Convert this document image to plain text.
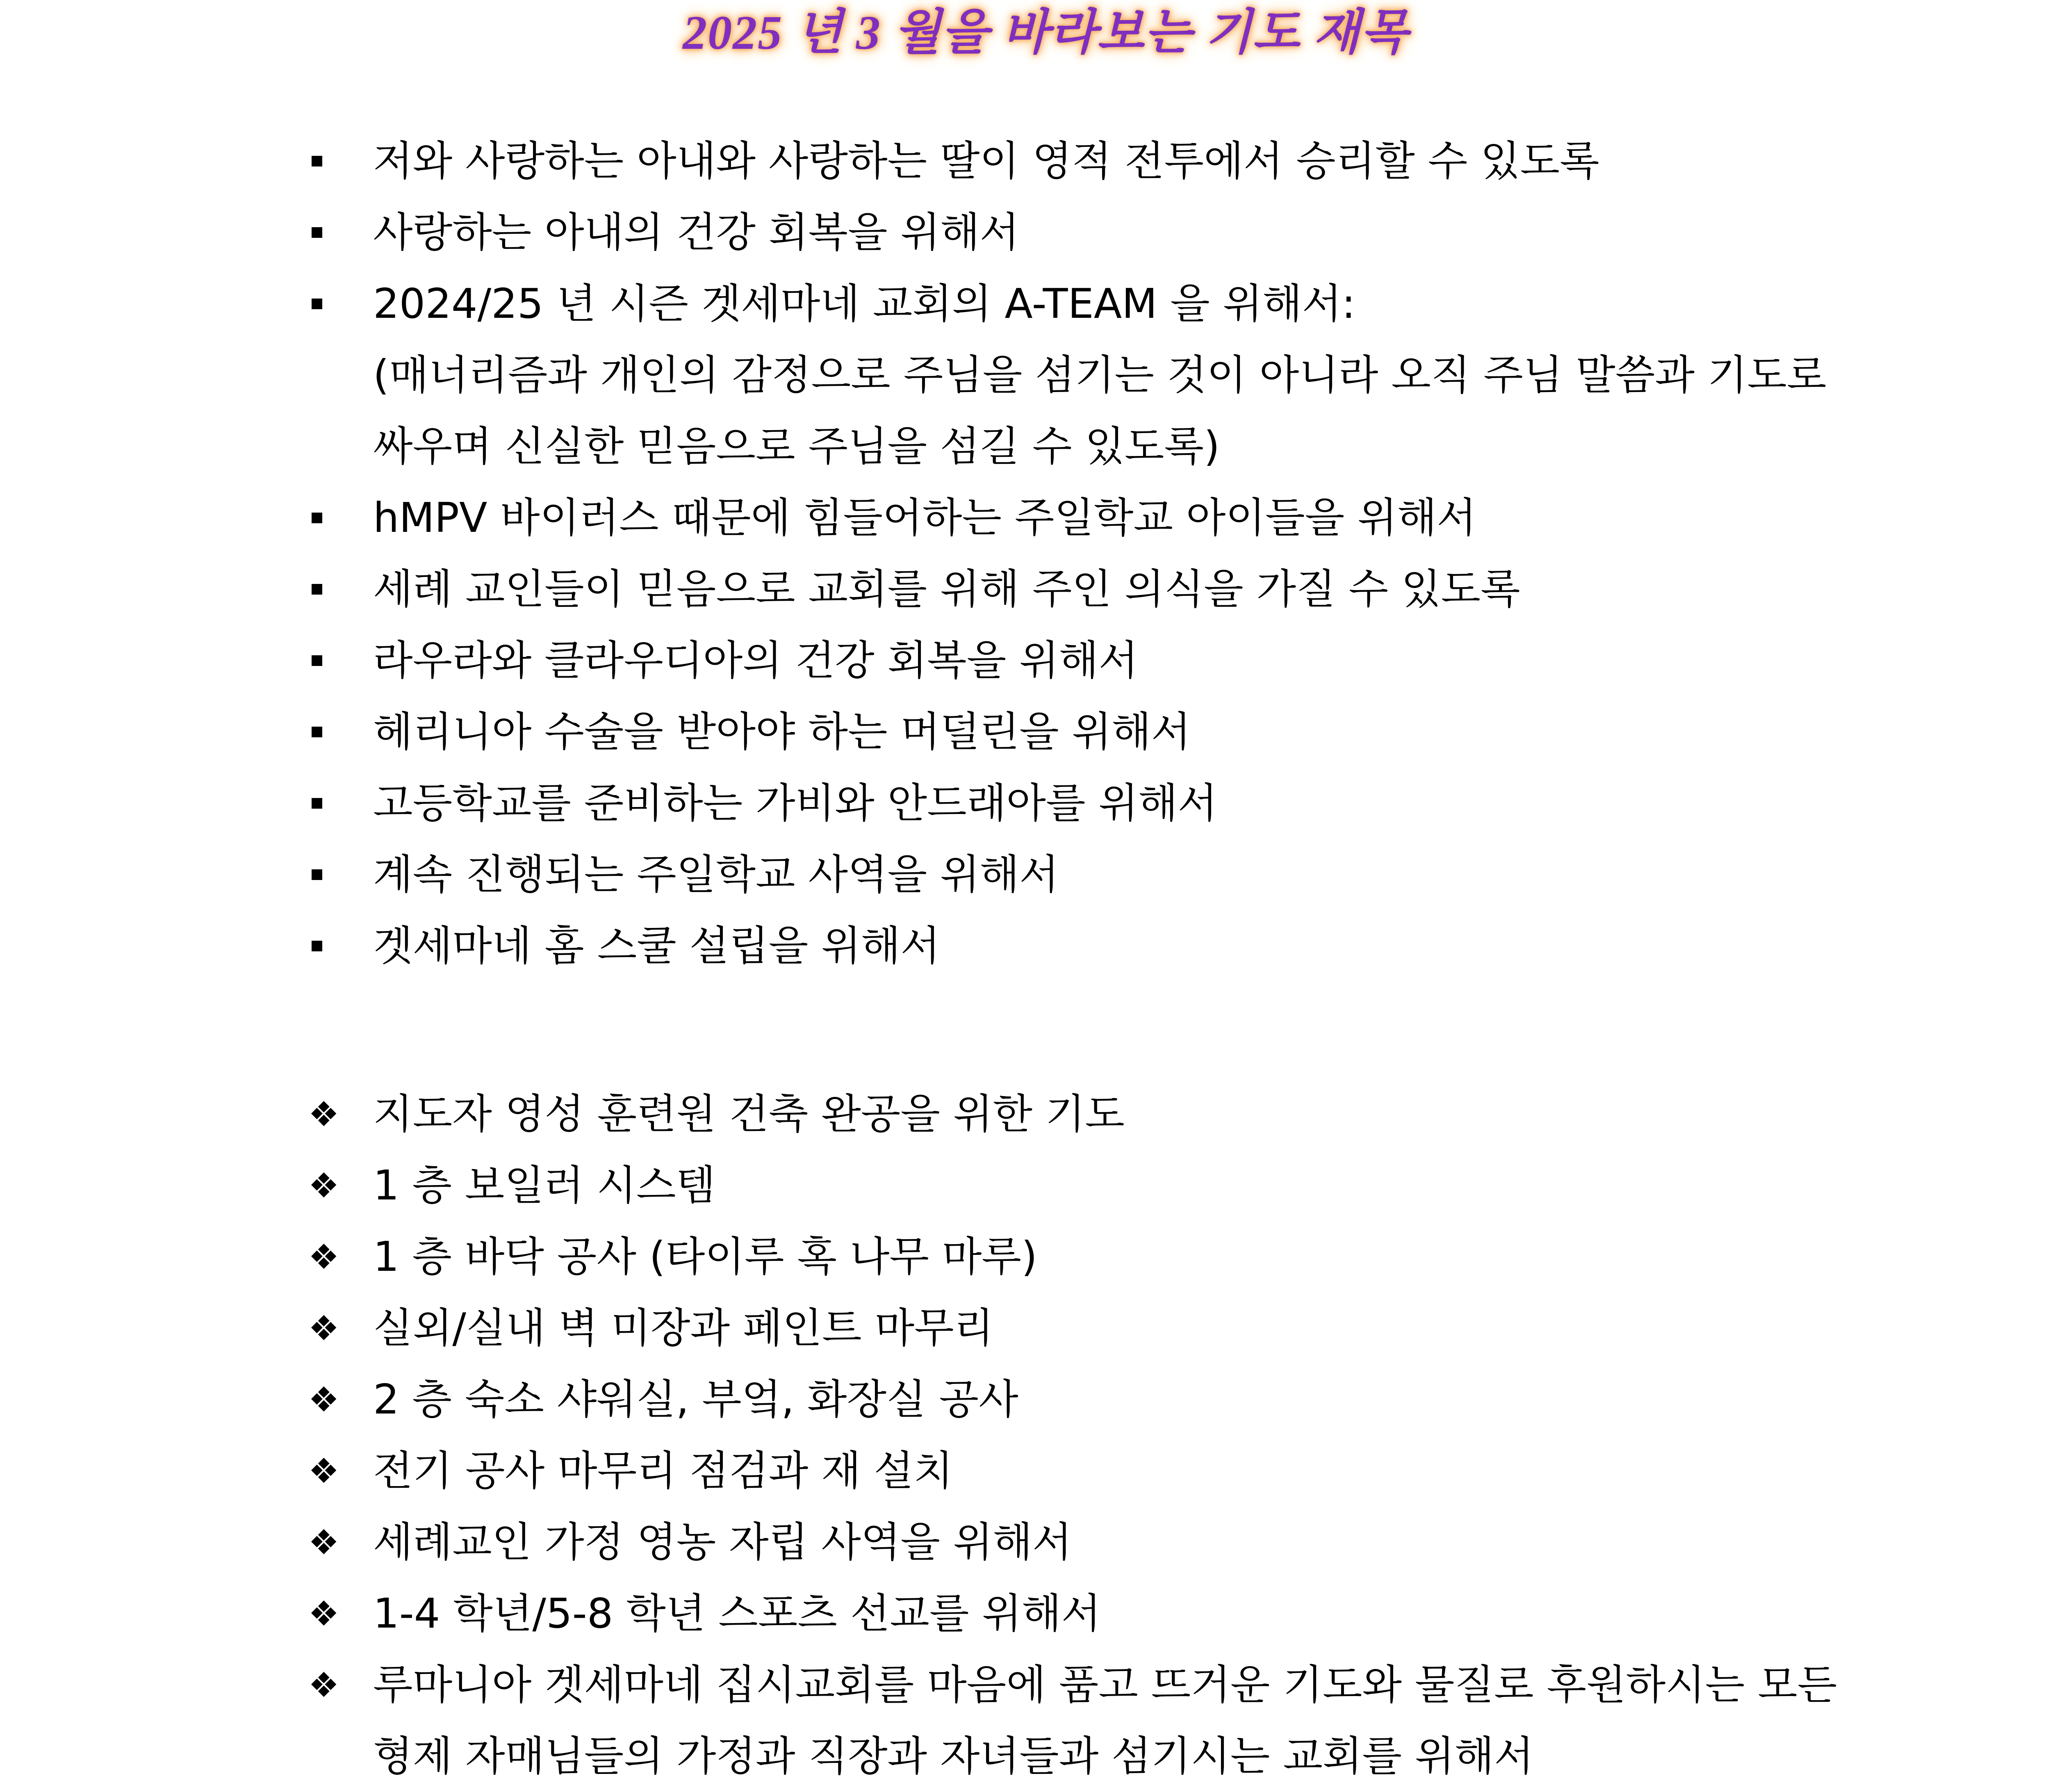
2025 년 3 월을 바라보는 기도 재목
저와 사랑하는 아내와 사랑하는 딸이 영적 전투에서 승리할 수 있도록
사랑하는 아내의 건강 회복을 위해서
2024/25 년 시즌 겟세마네 교회의 A-TEAM 을 위해서:
(매너리즘과 개인의 감정으로 주님을 섬기는 것이 아니라 오직 주님 말씀과 기도로
싸우며 신실한 믿음으로 주님을 섬길 수 있도록)
hMPV 바이러스 때문에 힘들어하는 주일학교 아이들을 위해서
세례 교인들이 믿음으로 교회를 위해 주인 의식을 가질 수 있도록
라우라와 클라우디아의 건강 회복을 위해서
헤리니아 수술을 받아야 하는 머덜린을 위해서
고등학교를 준비하는 가비와 안드래아를 위해서
계속 진행되는 주일학교 사역을 위해서
겟세마네 홈 스쿨 설립을 위해서
❖ 지도자 영성 훈련원 건축 완공을 위한 기도
❖ 1 층 보일러 시스템
❖ 1 층 바닥 공사 (타이루 혹 나무 마루)
❖ 실외/실내 벽 미장과 페인트 마무리
❖ 2 층 숙소 샤워실, 부엌, 화장실 공사
❖ 전기 공사 마무리 점검과 재 설치
❖ 세례교인 가정 영농 자립 사역을 위해서
❖ 1-4 학년/5-8 학년 스포츠 선교를 위해서
❖ 루마니아 겟세마네 집시교회를 마음에 품고 뜨거운 기도와 물질로 후원하시는 모든
형제 자매님들의 가정과 직장과 자녀들과 섬기시는 교회를 위해서
